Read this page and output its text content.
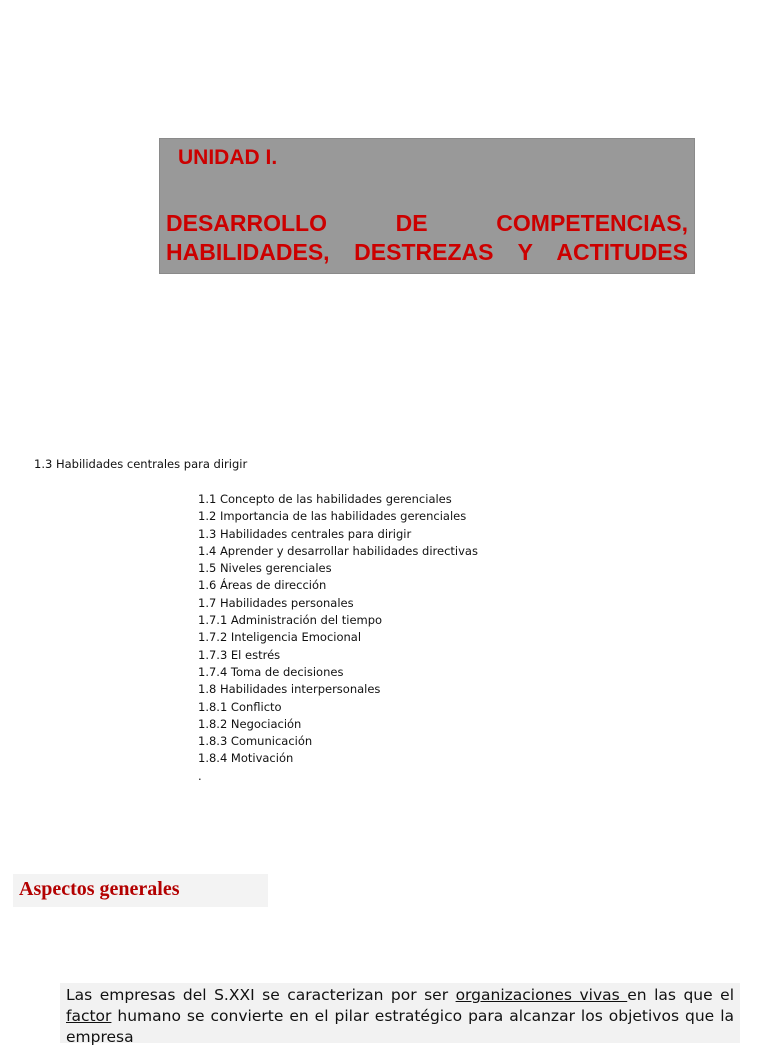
UNIDAD I.

DESARROLLO DE COMPETENCIAS,
HABILIDADES, DESTREZAS Y ACTITUDES
1.3 Habilidades centrales para dirigir
1.1 Concepto de las habilidades gerenciales
1.2 Importancia de las habilidades gerenciales
1.3 Habilidades centrales para dirigir
1.4 Aprender y desarrollar habilidades directivas
1.5 Niveles gerenciales
1.6 Áreas de dirección
1.7 Habilidades personales
1.7.1 Administración del tiempo
1.7.2 Inteligencia Emocional
1.7.3 El estrés
1.7.4 Toma de decisiones
1.8 Habilidades interpersonales
1.8.1 Conflicto
1.8.2 Negociación
1.8.3 Comunicación
1.8.4 Motivación
.
Aspectos generales

Las empresas del S.XXI se caracterizan por ser organizaciones vivas en las que el factor humano se convierte en el pilar estratégico para alcanzar los objetivos que la empresa
